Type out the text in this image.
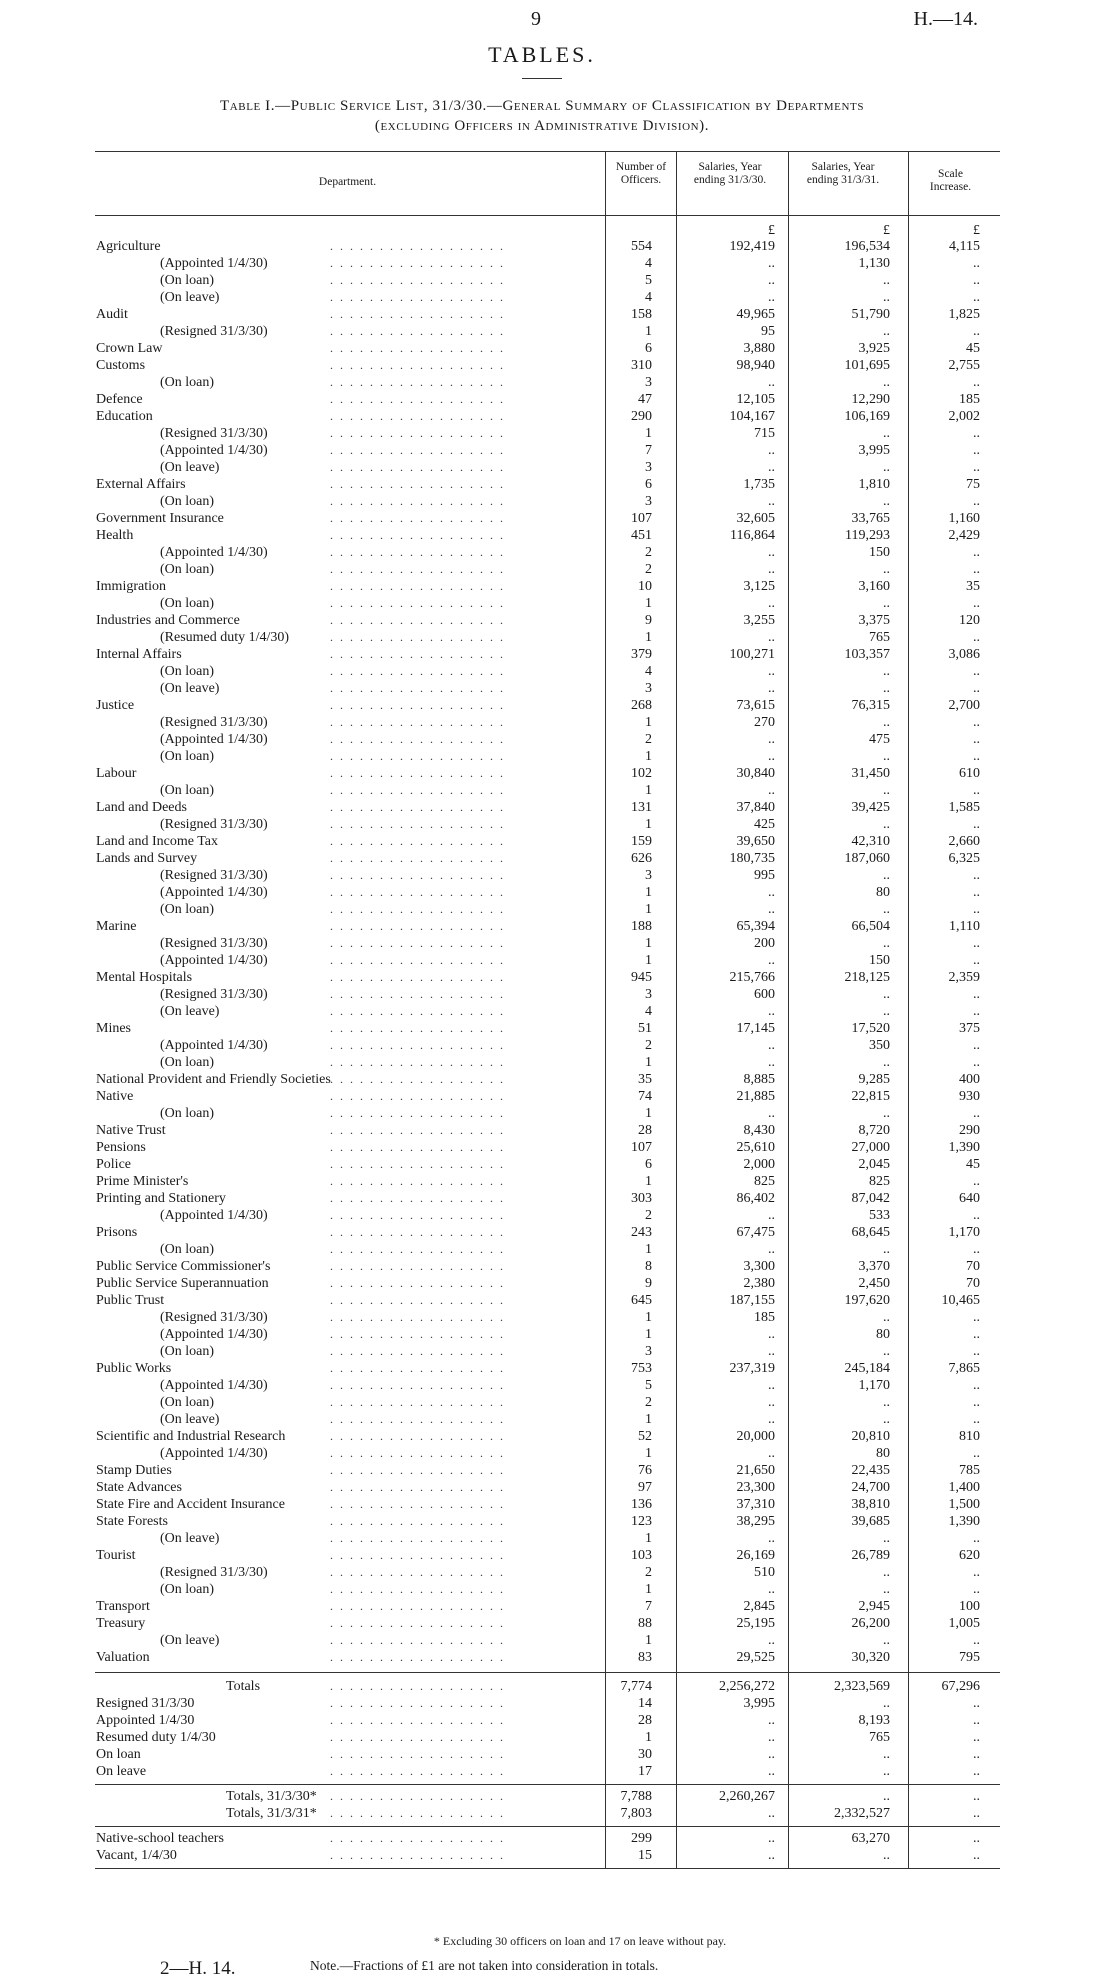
9	H.—14.
TABLES.
Table I.—Public Service List, 31/3/30.—General Summary of Classification by Departments
(excluding Officers in Administrative Division).
Department.
Number of Officers.
Salaries, Year ending 31/3/30.
Salaries, Year ending 31/3/31.	Scale Increase.
£	£	£
Agriculture	. . . . . . . . . . . . . . . . . .	554	192,419	196,534	4,115
(Appointed 1/4/30)	. . . . . . . . . . . . . . . . . .	4	..	1,130	..
(On loan)	. . . . . . . . . . . . . . . . . .	5	..	..	..
(On leave)	. . . . . . . . . . . . . . . . . .	4	..	..	..
Audit	. . . . . . . . . . . . . . . . . .	158	49,965	51,790	1,825
(Resigned 31/3/30)	. . . . . . . . . . . . . . . . . .	1	95	..	..
Crown Law	. . . . . . . . . . . . . . . . . .	6	3,880	3,925	45
Customs	. . . . . . . . . . . . . . . . . .	310	98,940	101,695	2,755
(On loan)	. . . . . . . . . . . . . . . . . .	3	..	..	..
Defence	. . . . . . . . . . . . . . . . . .	47	12,105	12,290	185
Education	. . . . . . . . . . . . . . . . . .	290	104,167	106,169	2,002
(Resigned 31/3/30)	. . . . . . . . . . . . . . . . . .	1	715	..	..
(Appointed 1/4/30)	. . . . . . . . . . . . . . . . . .	7	..	3,995	..
(On leave)	. . . . . . . . . . . . . . . . . .	3	..	..	..
External Affairs	. . . . . . . . . . . . . . . . . .	6	1,735	1,810	75
(On loan)	. . . . . . . . . . . . . . . . . .	3	..	..	..
Government Insurance	. . . . . . . . . . . . . . . . . .	107	32,605	33,765	1,160
Health	. . . . . . . . . . . . . . . . . .	451	116,864	119,293	2,429
(Appointed 1/4/30)	. . . . . . . . . . . . . . . . . .	2	..	150	..
(On loan)	. . . . . . . . . . . . . . . . . .	2	..	..	..
Immigration	. . . . . . . . . . . . . . . . . .	10	3,125	3,160	35
(On loan)	. . . . . . . . . . . . . . . . . .	1	..	..	..
Industries and Commerce	. . . . . . . . . . . . . . . . . .	9	3,255	3,375	120
(Resumed duty 1/4/30)	. . . . . . . . . . . . . . . . . .	1	..	765	..
Internal Affairs	. . . . . . . . . . . . . . . . . .	379	100,271	103,357	3,086
(On loan)	. . . . . . . . . . . . . . . . . .	4	..	..	..
(On leave)	. . . . . . . . . . . . . . . . . .	3	..	..	..
Justice	. . . . . . . . . . . . . . . . . .	268	73,615	76,315	2,700
(Resigned 31/3/30)	. . . . . . . . . . . . . . . . . .	1	270	..	..
(Appointed 1/4/30)	. . . . . . . . . . . . . . . . . .	2	..	475	..
(On loan)	. . . . . . . . . . . . . . . . . .	1	..	..	..
Labour	. . . . . . . . . . . . . . . . . .	102	30,840	31,450	610
(On loan)	. . . . . . . . . . . . . . . . . .	1	..	..	..
Land and Deeds	. . . . . . . . . . . . . . . . . .	131	37,840	39,425	1,585
(Resigned 31/3/30)	. . . . . . . . . . . . . . . . . .	1	425	..	..
Land and Income Tax	. . . . . . . . . . . . . . . . . .	159	39,650	42,310	2,660
Lands and Survey	. . . . . . . . . . . . . . . . . .	626	180,735	187,060	6,325
(Resigned 31/3/30)	. . . . . . . . . . . . . . . . . .	3	995	..	..
(Appointed 1/4/30)	. . . . . . . . . . . . . . . . . .	1	..	80	..
(On loan)	. . . . . . . . . . . . . . . . . .	1	..	..	..
Marine	. . . . . . . . . . . . . . . . . .	188	65,394	66,504	1,110
(Resigned 31/3/30)	. . . . . . . . . . . . . . . . . .	1	200	..	..
(Appointed 1/4/30)	. . . . . . . . . . . . . . . . . .	1	..	150	..
Mental Hospitals	. . . . . . . . . . . . . . . . . .	945	215,766	218,125	2,359
(Resigned 31/3/30)	. . . . . . . . . . . . . . . . . .	3	600	..	..
(On leave)	. . . . . . . . . . . . . . . . . .	4	..	..	..
Mines	. . . . . . . . . . . . . . . . . .	51	17,145	17,520	375
(Appointed 1/4/30)	. . . . . . . . . . . . . . . . . .	2	..	350	..
(On loan)	. . . . . . . . . . . . . . . . . .	1	..	..	..
National Provident and Friendly Societies . . . . . . . . . . . . . . . . . .	35	8,885	9,285	400
Native	. . . . . . . . . . . . . . . . . .	74	21,885	22,815	930
(On loan)	. . . . . . . . . . . . . . . . . .	1	..	..	..
Native Trust	. . . . . . . . . . . . . . . . . .	28	8,430	8,720	290
Pensions	. . . . . . . . . . . . . . . . . .	107	25,610	27,000	1,390
Police	. . . . . . . . . . . . . . . . . .	6	2,000	2,045	45
Prime Minister's	. . . . . . . . . . . . . . . . . .	1	825	825	..
Printing and Stationery	. . . . . . . . . . . . . . . . . .	303	86,402	87,042	640
(Appointed 1/4/30)	. . . . . . . . . . . . . . . . . .	2	..	533	..
Prisons	. . . . . . . . . . . . . . . . . .	243	67,475	68,645	1,170
(On loan)	. . . . . . . . . . . . . . . . . .	1	..	..	..
Public Service Commissioner's	. . . . . . . . . . . . . . . . . .	8	3,300	3,370	70
Public Service Superannuation	. . . . . . . . . . . . . . . . . .	9	2,380	2,450	70
Public Trust	. . . . . . . . . . . . . . . . . .	645	187,155	197,620	10,465
(Resigned 31/3/30)	. . . . . . . . . . . . . . . . . .	1	185	..	..
(Appointed 1/4/30)	. . . . . . . . . . . . . . . . . .	1	..	80	..
(On loan)	. . . . . . . . . . . . . . . . . .	3	..	..	..
Public Works	. . . . . . . . . . . . . . . . . .	753	237,319	245,184	7,865
(Appointed 1/4/30)	. . . . . . . . . . . . . . . . . .	5	..	1,170	..
(On loan)	. . . . . . . . . . . . . . . . . .	2	..	..	..
(On leave)	. . . . . . . . . . . . . . . . . .	1	..	..	..
Scientific and Industrial Research	. . . . . . . . . . . . . . . . . .	52	20,000	20,810	810
(Appointed 1/4/30)	. . . . . . . . . . . . . . . . . .	1	..	80	..
Stamp Duties	. . . . . . . . . . . . . . . . . .	76	21,650	22,435	785
State Advances	. . . . . . . . . . . . . . . . . .	97	23,300	24,700	1,400
State Fire and Accident Insurance	. . . . . . . . . . . . . . . . . .	136	37,310	38,810	1,500
State Forests	. . . . . . . . . . . . . . . . . .	123	38,295	39,685	1,390
(On leave)	. . . . . . . . . . . . . . . . . .	1	..	..	..
Tourist	. . . . . . . . . . . . . . . . . .	103	26,169	26,789	620
(Resigned 31/3/30)	. . . . . . . . . . . . . . . . . .	2	510	..	..
(On loan)	. . . . . . . . . . . . . . . . . .	1	..	..	..
Transport	. . . . . . . . . . . . . . . . . .	7	2,845	2,945	100
Treasury	. . . . . . . . . . . . . . . . . .	88	25,195	26,200	1,005
(On leave)	. . . . . . . . . . . . . . . . . .	1	..	..	..
Valuation	. . . . . . . . . . . . . . . . . .	83	29,525	30,320	795
Totals	. . . . . . . . . . . . . . . . . .	7,774	2,256,272	2,323,569	67,296
Resigned 31/3/30	. . . . . . . . . . . . . . . . . .	14	3,995	..	..
Appointed 1/4/30	. . . . . . . . . . . . . . . . . .	28	..	8,193	..
Resumed duty 1/4/30	. . . . . . . . . . . . . . . . . .	1	..	765	..
On loan	. . . . . . . . . . . . . . . . . .	30	..	..	..
On leave	. . . . . . . . . . . . . . . . . .	17	..	..	..
Totals, 31/3/30* . . . . . . . . . . . . . . . . . .	7,788	2,260,267	..	..
Totals, 31/3/31* . . . . . . . . . . . . . . . . . .	7,803	..	2,332,527	..
Native-school teachers	. . . . . . . . . . . . . . . . . .	299	..	63,270	..
Vacant, 1/4/30	. . . . . . . . . . . . . . . . . .	15	..	..	..
* Excluding 30 officers on loan and 17 on leave without pay.
2—H. 14.	Note.—Fractions of £1 are not taken into consideration in totals.
